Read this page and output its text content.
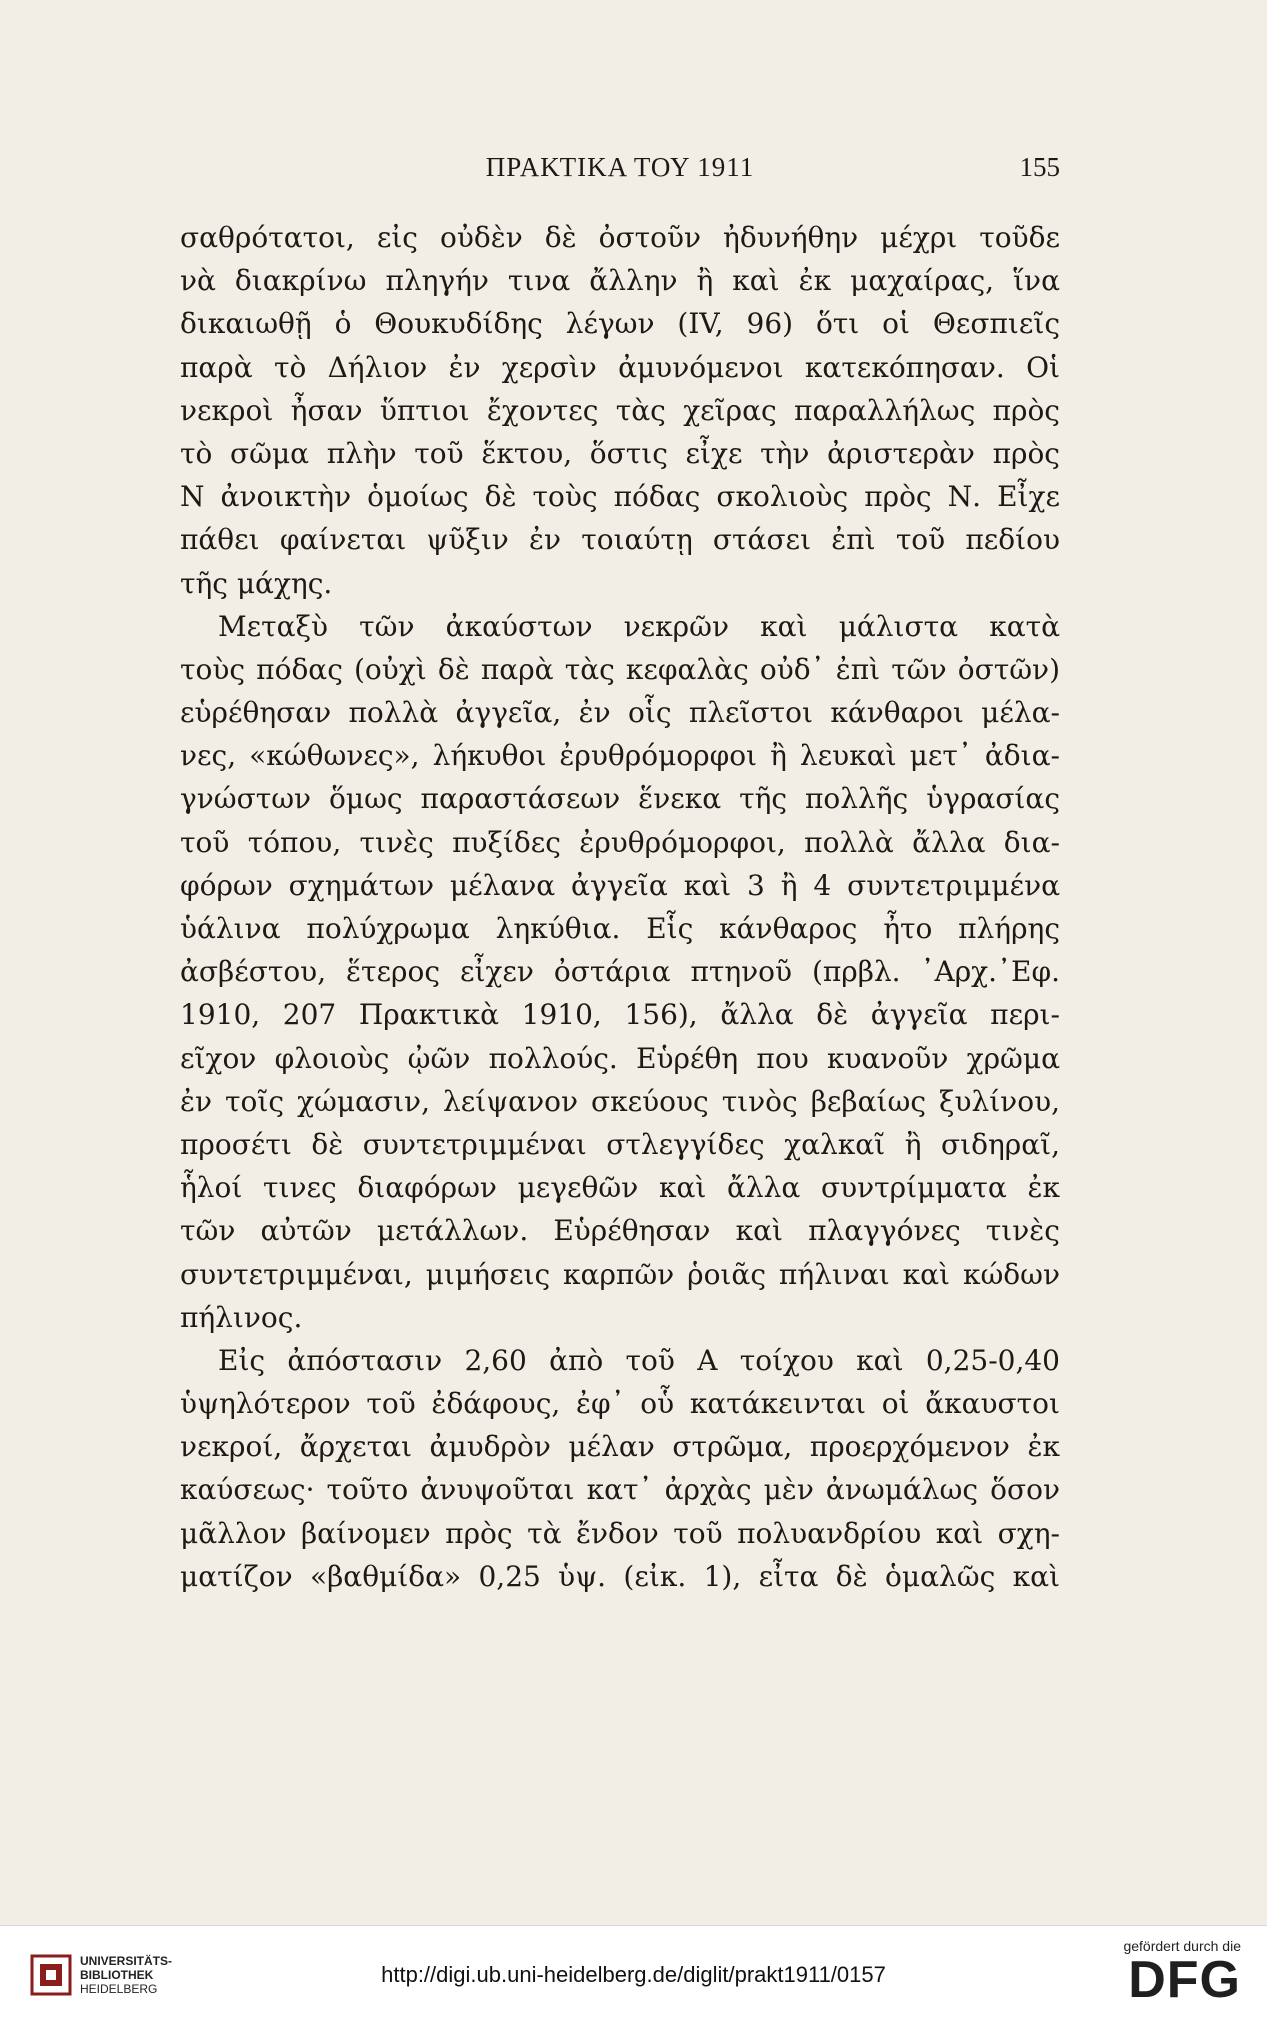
ΠΡΑΚΤΙΚΑ ΤΟΥ 1911	155
σαθρότατοι, εἰς οὐδὲν δὲ ὀστοῦν ἠδυνήθην μέχρι τοῦδε
νὰ διακρίνω πληγήν τινα ἄλλην ἢ καὶ ἐκ μαχαίρας, ἵνα
δικαιωθῇ ὁ Θουκυδίδης λέγων (IV, 96) ὅτι οἱ Θεσπιεῖς
παρὰ τὸ Δήλιον ἐν χερσὶν ἀμυνόμενοι κατεκόπησαν. Οἱ
νεκροὶ ἦσαν ὕπτιοι ἔχοντες τὰς χεῖρας παραλλήλως πρὸς
τὸ σῶμα πλὴν τοῦ ἕκτου, ὅστις εἶχε τὴν ἀριστερὰν πρὸς
Ν ἀνοικτὴν ὁμοίως δὲ τοὺς πόδας σκολιοὺς πρὸς Ν. Εἶχε
πάθει φαίνεται ψῦξιν ἐν τοιαύτῃ στάσει ἐπὶ τοῦ πεδίου
τῆς μάχης.
Μεταξὺ τῶν ἀκαύστων νεκρῶν καὶ μάλιστα κατὰ
τοὺς πόδας (οὐχὶ δὲ παρὰ τὰς κεφαλὰς οὐδ᾽ ἐπὶ τῶν ὀστῶν)
εὑρέθησαν πολλὰ ἀγγεῖα, ἐν οἷς πλεῖστοι κάνθαροι μέλα-
νες, «κώθωνες», λήκυθοι ἐρυθρόμορφοι ἢ λευκαὶ μετ᾽ ἀδια-
γνώστων ὅμως παραστάσεων ἕνεκα τῆς πολλῆς ὑγρασίας
τοῦ τόπου, τινὲς πυξίδες ἐρυθρόμορφοι, πολλὰ ἄλλα δια-
φόρων σχημάτων μέλανα ἀγγεῖα καὶ 3 ἢ 4 συντετριμμένα
ὑάλινα πολύχρωμα ληκύθια. Εἷς κάνθαρος ἦτο πλήρης
ἀσβέστου, ἕτερος εἶχεν ὀστάρια πτηνοῦ (πρβλ. ᾽Αρχ.᾽Εφ.
1910, 207 Πρακτικὰ 1910, 156), ἄλλα δὲ ἀγγεῖα περι-
εῖχον φλοιοὺς ᾠῶν πολλούς. Εὑρέθη που κυανοῦν χρῶμα
ἐν τοῖς χώμασιν, λείψανον σκεύους τινὸς βεβαίως ξυλίνου,
προσέτι δὲ συντετριμμέναι στλεγγίδες χαλκαῖ ἢ σιδηραῖ,
ἧλοί τινες διαφόρων μεγεθῶν καὶ ἄλλα συντρίμματα ἐκ
τῶν αὐτῶν μετάλλων. Εὑρέθησαν καὶ πλαγγόνες τινὲς
συντετριμμέναι, μιμήσεις καρπῶν ῥοιᾶς πήλιναι καὶ κώδων
πήλινος.
Εἰς ἀπόστασιν 2,60 ἀπὸ τοῦ Α τοίχου καὶ 0,25-0,40
ὑψηλότερον τοῦ ἐδάφους, ἐφ᾽ οὗ κατάκεινται οἱ ἄκαυστοι
νεκροί, ἄρχεται ἀμυδρὸν μέλαν στρῶμα, προερχόμενον ἐκ
καύσεως· τοῦτο ἀνυψοῦται κατ᾽ ἀρχὰς μὲν ἀνωμάλως ὅσον
μᾶλλον βαίνομεν πρὸς τὰ ἔνδον τοῦ πολυανδρίου καὶ σχη-
ματίζον «βαθμίδα» 0,25 ὑψ. (εἰκ. 1), εἶτα δὲ ὁμαλῶς καὶ
UNIVERSITÄTS-
BIBLIOTHEK
HEIDELBERG
http://digi.ub.uni-heidelberg.de/diglit/prakt1911/0157
gefördert durch die
DFG
